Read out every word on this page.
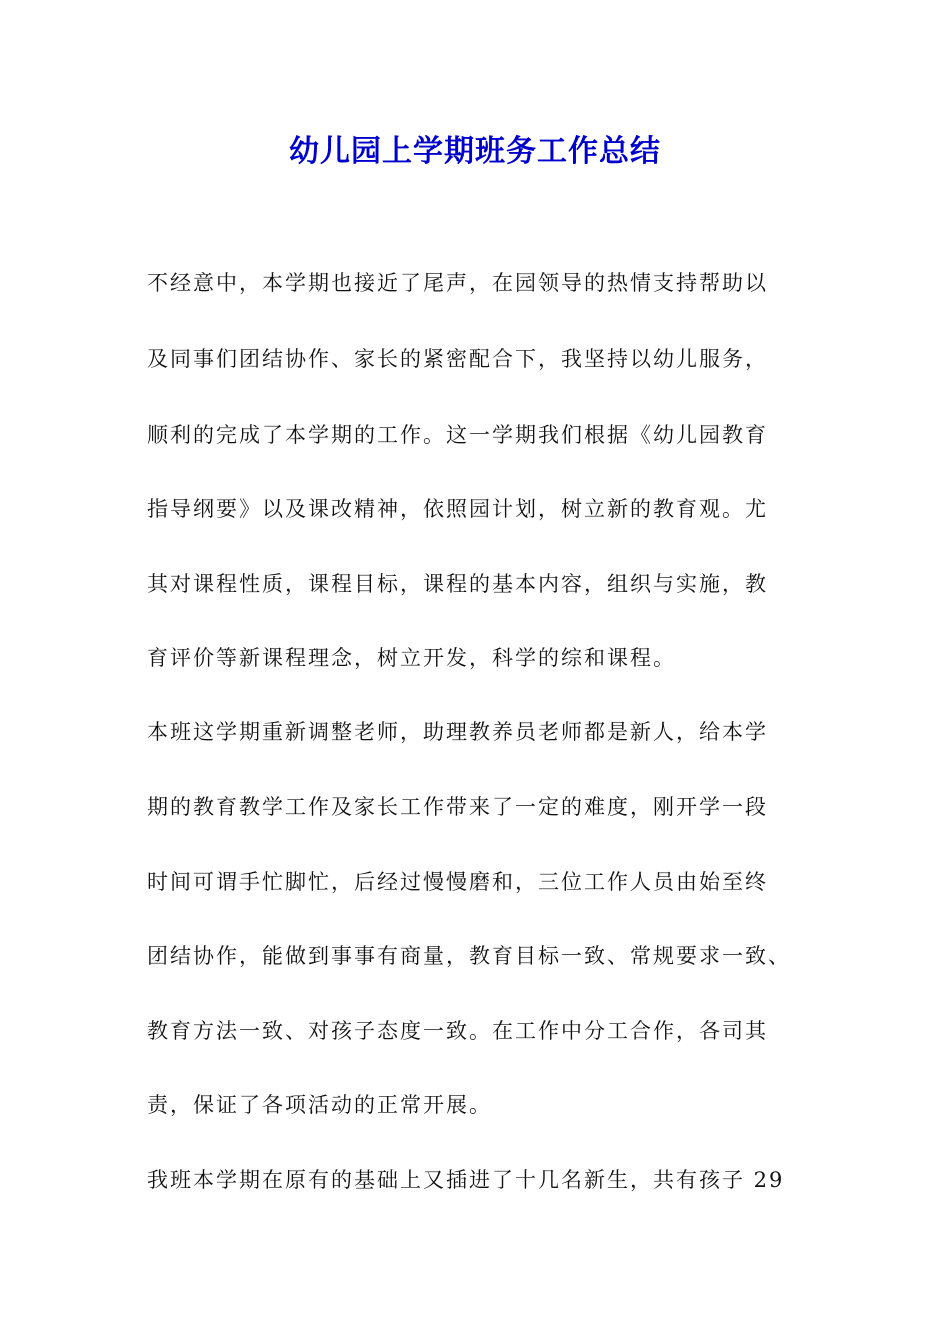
幼儿园上学期班务工作总结

不经意中，本学期也接近了尾声，在园领导的热情支持帮助以

及同事们团结协作、家长的紧密配合下，我坚持以幼儿服务，

顺利的完成了本学期的工作。这一学期我们根据《幼儿园教育

指导纲要》以及课改精神，依照园计划，树立新的教育观。尤

其对课程性质，课程目标，课程的基本内容，组织与实施，教

育评价等新课程理念，树立开发，科学的综和课程。

本班这学期重新调整老师，助理教养员老师都是新人，给本学

期的教育教学工作及家长工作带来了一定的难度，刚开学一段

时间可谓手忙脚忙，后经过慢慢磨和，三位工作人员由始至终

团结协作，能做到事事有商量，教育目标一致、常规要求一致、

教育方法一致、对孩子态度一致。在工作中分工合作，各司其

责，保证了各项活动的正常开展。

我班本学期在原有的基础上又插进了十几名新生，共有孩子 29
